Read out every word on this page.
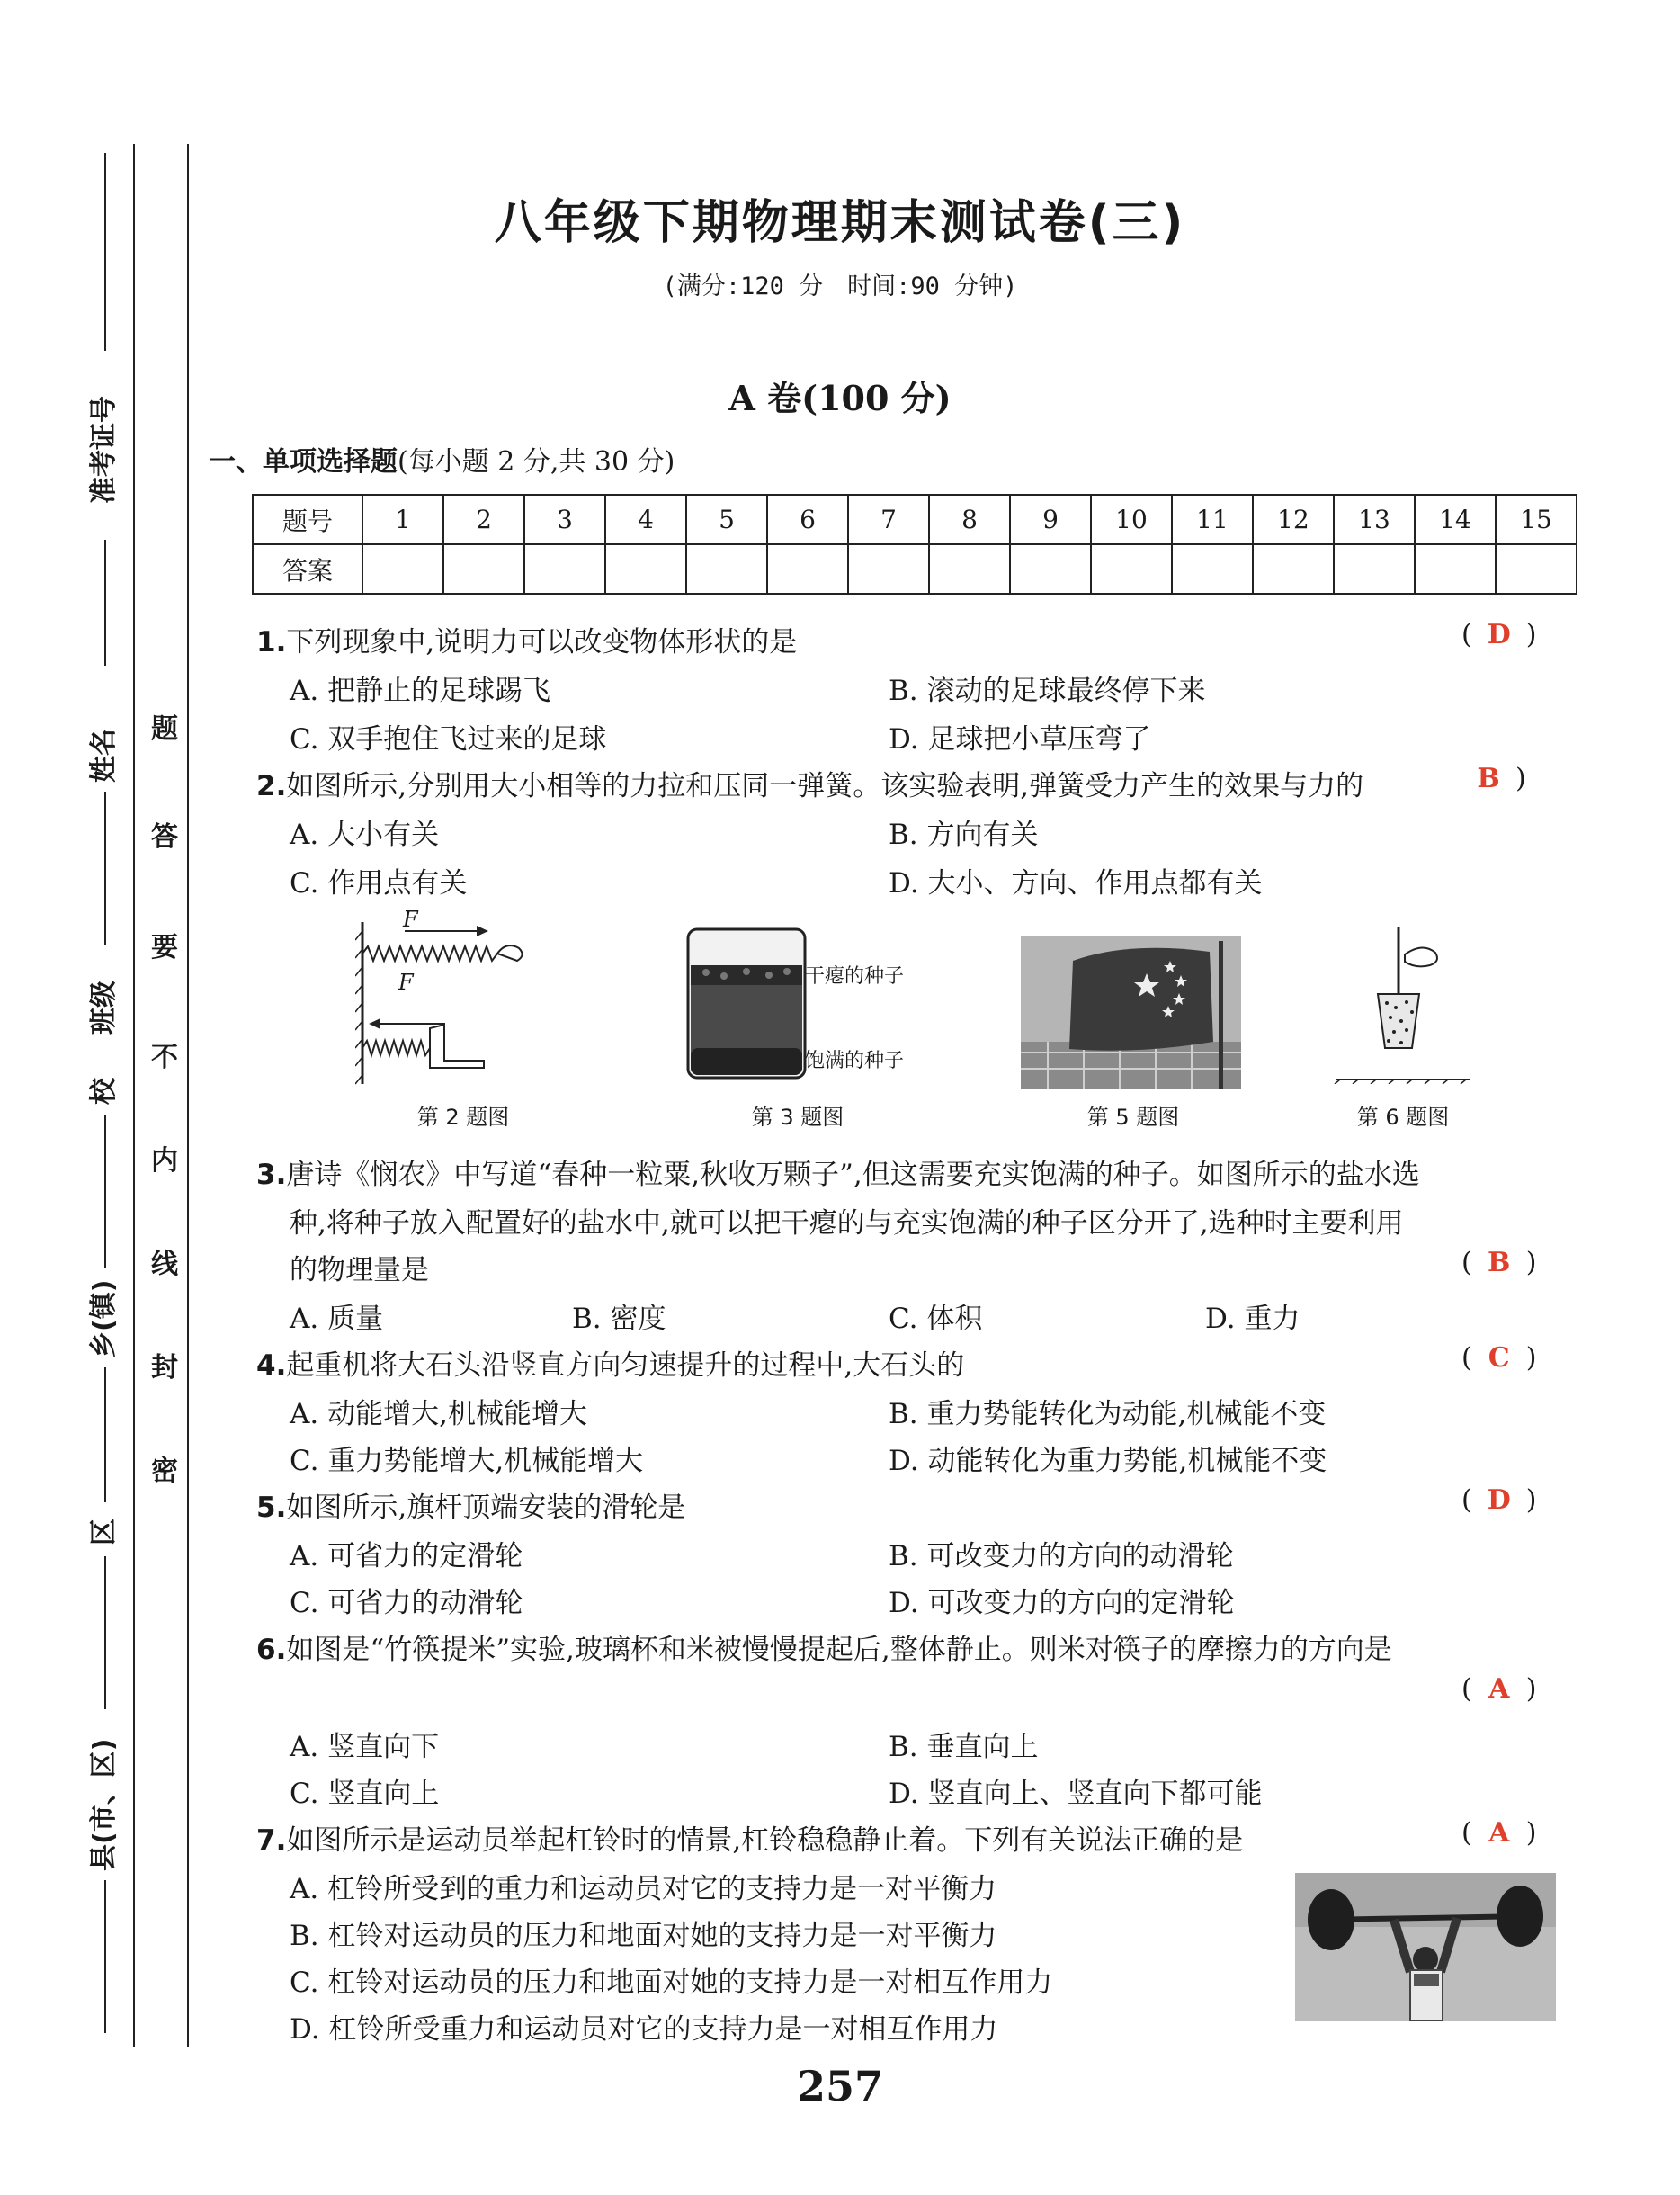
准考证号
姓名
班级
校
乡(镇)
区
县(市、区)
密
封
线
内
不
要
答
题
八年级下期物理期末测试卷(三)
(满分:120 分　时间:90 分钟)
A 卷(100 分)
一、单项选择题(每小题 2 分,共 30 分)
题号	1	2	3	4	5	6	7	8	9	10	11	12	13	14	15
答案															
1.下列现象中,说明力可以改变物体形状的是	( D )
A. 把静止的足球踢飞	B. 滚动的足球最终停下来
C. 双手抱住飞过来的足球	D. 足球把小草压弯了
2.如图所示,分别用大小相等的力拉和压同一弹簧。该实验表明,弹簧受力产生的效果与力的	B )
A. 大小有关	B. 方向有关
C. 作用点有关	D. 大小、方向、作用点都有关
F
F
第 2 题图
干瘪的种子
饱满的种子
第 3 题图	第 5 题图	第 6 题图
3.唐诗《悯农》中写道“春种一粒粟,秋收万颗子”,但这需要充实饱满的种子。如图所示的盐水选
种,将种子放入配置好的盐水中,就可以把干瘪的与充实饱满的种子区分开了,选种时主要利用
的物理量是	( B )
A. 质量	B. 密度	C. 体积	D. 重力
4.起重机将大石头沿竖直方向匀速提升的过程中,大石头的	( C )
A. 动能增大,机械能增大	B. 重力势能转化为动能,机械能不变
C. 重力势能增大,机械能增大	D. 动能转化为重力势能,机械能不变
5.如图所示,旗杆顶端安装的滑轮是	( D )
A. 可省力的定滑轮	B. 可改变力的方向的动滑轮
C. 可省力的动滑轮	D. 可改变力的方向的定滑轮
6.如图是“竹筷提米”实验,玻璃杯和米被慢慢提起后,整体静止。则米对筷子的摩擦力的方向是
( A )
A. 竖直向下	B. 垂直向上
C. 竖直向上	D. 竖直向上、竖直向下都可能
7.如图所示是运动员举起杠铃时的情景,杠铃稳稳静止着。下列有关说法正确的是	( A )
A. 杠铃所受到的重力和运动员对它的支持力是一对平衡力
B. 杠铃对运动员的压力和地面对她的支持力是一对平衡力
C. 杠铃对运动员的压力和地面对她的支持力是一对相互作用力
D. 杠铃所受重力和运动员对它的支持力是一对相互作用力
257
